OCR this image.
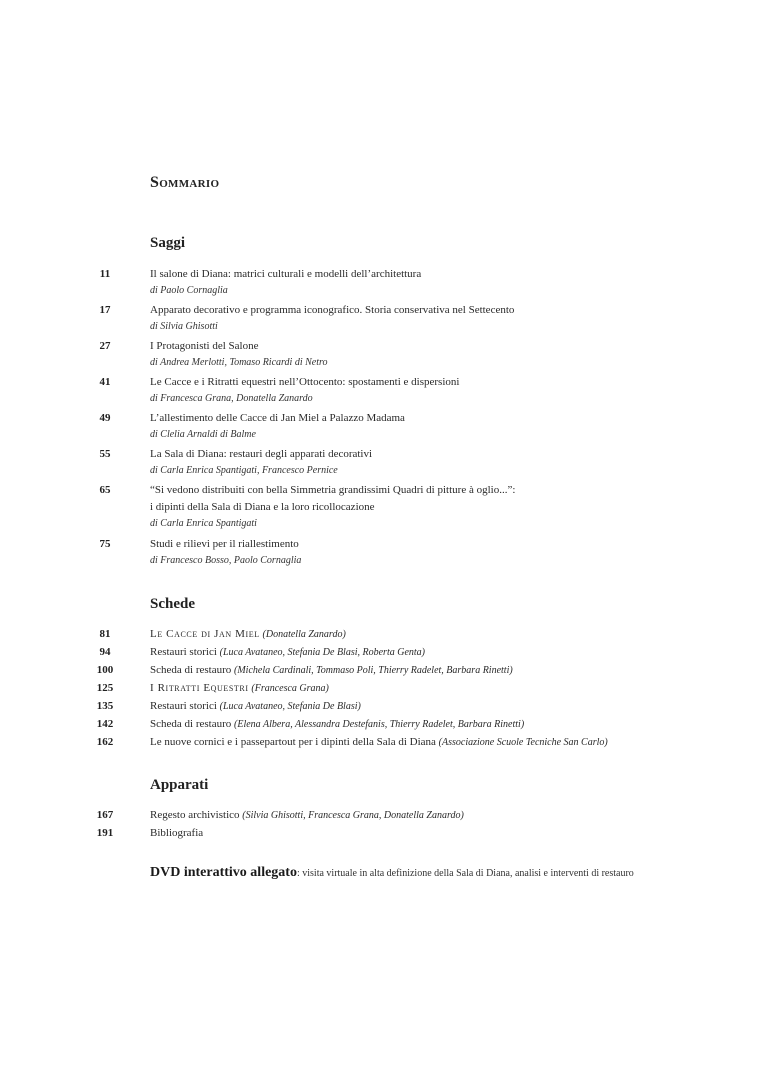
Sommario
Saggi
11	Il salone di Diana: matrici culturali e modelli dell’architettura
di Paolo Cornaglia
17	Apparato decorativo e programma iconografico. Storia conservativa nel Settecento
di Silvia Ghisotti
27	I Protagonisti del Salone
di Andrea Merlotti, Tomaso Ricardi di Netro
41	Le Cacce e i Ritratti equestri nell’Ottocento: spostamenti e dispersioni
di Francesca Grana, Donatella Zanardo
49	L’allestimento delle Cacce di Jan Miel a Palazzo Madama
di Clelia Arnaldi di Balme
55	La Sala di Diana: restauri degli apparati decorativi
di Carla Enrica Spantigati, Francesco Pernice
65	“Si vedono distribuiti con bella Simmetria grandissimi Quadri di pitture à oglio...”:
i dipinti della Sala di Diana e la loro ricollocazione
di Carla Enrica Spantigati
75	Studi e rilievi per il riallestimento
di Francesco Bosso, Paolo Cornaglia
Schede
81	Le Cacce di Jan Miel (Donatella Zanardo)
94	Restauri storici (Luca Avataneo, Stefania De Blasi, Roberta Genta)
100	Scheda di restauro (Michela Cardinali, Tommaso Poli, Thierry Radelet, Barbara Rinetti)
125	I Ritratti Equestri (Francesca Grana)
135	Restauri storici (Luca Avataneo, Stefania De Blasi)
142	Scheda di restauro (Elena Albera, Alessandra Destefanis, Thierry Radelet, Barbara Rinetti)
162	Le nuove cornici e i passepartout per i dipinti della Sala di Diana (Associazione Scuole Tecniche San Carlo)
Apparati
167	Regesto archivistico (Silvia Ghisotti, Francesca Grana, Donatella Zanardo)
191	Bibliografia
DVD interattivo allegato: visita virtuale in alta definizione della Sala di Diana, analisi e interventi di restauro
